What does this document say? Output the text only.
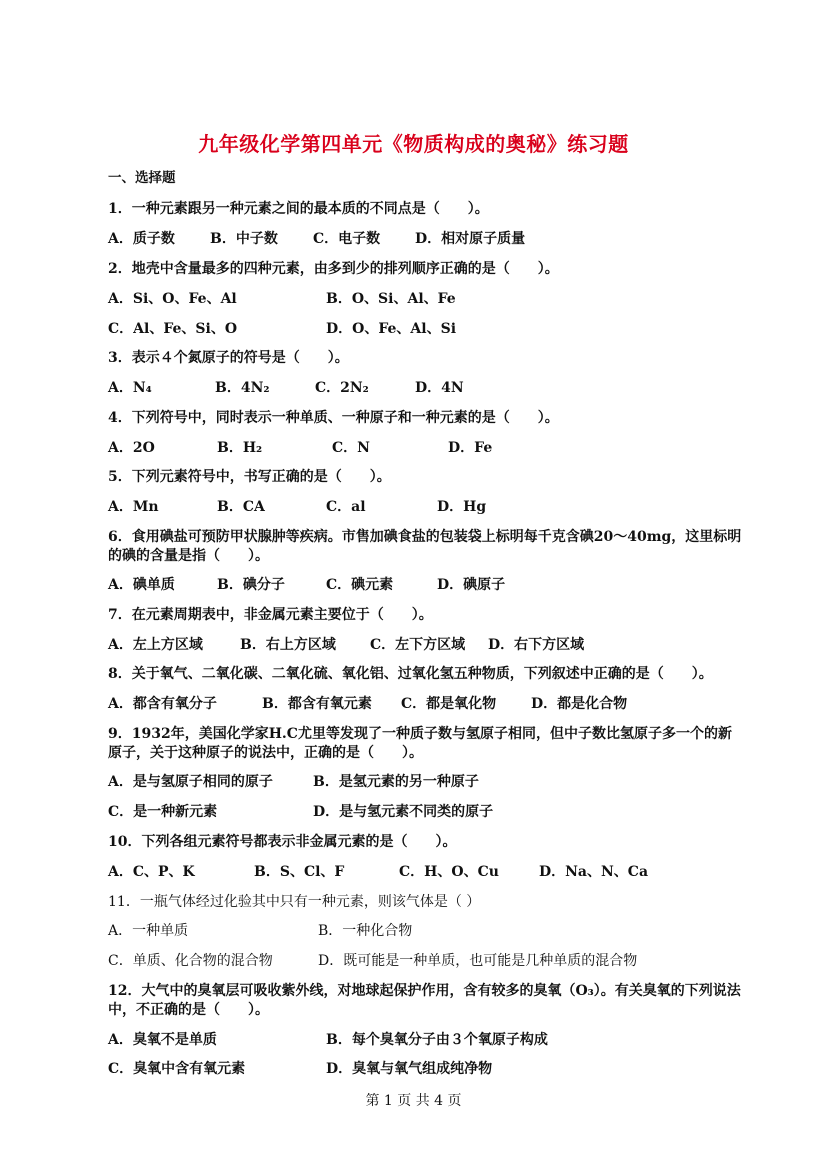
九年级化学第四单元《物质构成的奥秘》练习题
一、选择题
1．一种元素跟另一种元素之间的最本质的不同点是（　　）。
A．质子数	B．中子数	C．电子数 D．相对原子质量
2．地壳中含量最多的四种元素，由多到少的排列顺序正确的是（　　）。
A．Si、O、Fe、Al	B．O、Si、Al、Fe
C．Al、Fe、Si、O	D．O、Fe、Al、Si
3．表示４个氮原子的符号是（　　）。
A．N₄	B．4N₂	C．2N₂	D．4N
4．下列符号中，同时表示一种单质、一种原子和一种元素的是（　　）。
A．2O	B．H₂	C．N	D．Fe
5．下列元素符号中，书写正确的是（　　）。
A．Mn	B．CA	C．al	D．Hg
6．食用碘盐可预防甲状腺肿等疾病。市售加碘食盐的包装袋上标明每千克含碘20～40mg，这里标明
的碘的含量是指（　　）。
A．碘单质	B．碘分子	C．碘元素	D．碘原子
7．在元素周期表中，非金属元素主要位于（　　）。
A．左上方区域	B．右上方区域 C．左下方区域 D．右下方区域
8．关于氧气、二氧化碳、二氧化硫、氧化铝、过氧化氢五种物质，下列叙述中正确的是（　　）。
A．都含有氧分子	B．都含有氧元素 C．都是氧化物 D．都是化合物
9．1932年，美国化学家H.C尤里等发现了一种质子数与氢原子相同，但中子数比氢原子多一个的新
原子，关于这种原子的说法中，正确的是（　　）。
A．是与氢原子相同的原子	B．是氢元素的另一种原子
C．是一种新元素	D．是与氢元素不同类的原子
10．下列各组元素符号都表示非金属元素的是（　　）。
A．C、P、K	B．S、Cl、F	C．H、O、Cu	D．Na、N、Ca
11．一瓶气体经过化验其中只有一种元素，则该气体是（ ）
A．一种单质	B．一种化合物
C．单质、化合物的混合物	D．既可能是一种单质，也可能是几种单质的混合物
12．大气中的臭氧层可吸收紫外线，对地球起保护作用，含有较多的臭氧（O₃）。有关臭氧的下列说法
中，不正确的是（　　）。
A．臭氧不是单质	B．每个臭氧分子由３个氧原子构成
C．臭氧中含有氧元素	D．臭氧与氧气组成纯净物
第 1 页 共 4 页
